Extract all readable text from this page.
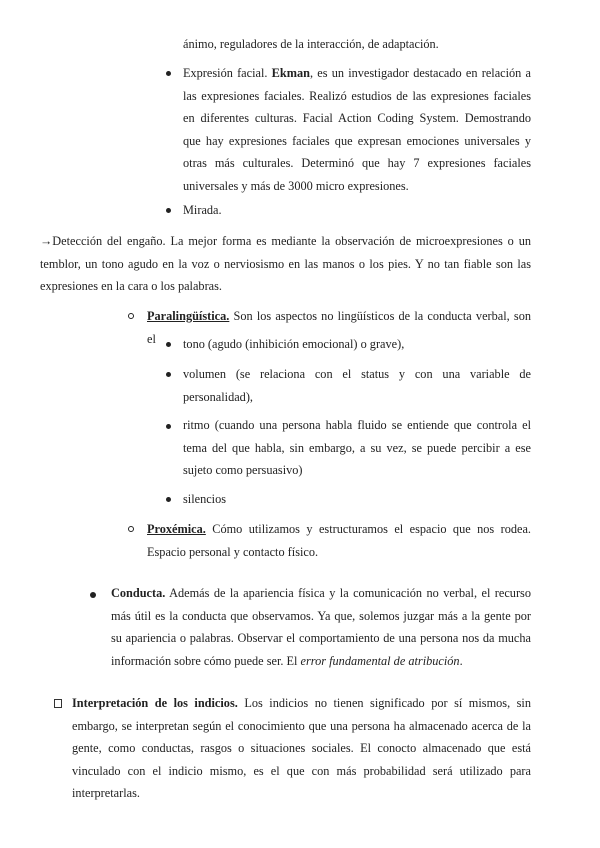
ánimo, reguladores de la interacción, de adaptación.

Expresión facial. Ekman, es un investigador destacado en relación a las expresiones faciales. Realizó estudios de las expresiones faciales en diferentes culturas. Facial Action Coding System. Demostrando que hay expresiones faciales que expresan emociones universales y otras más culturales. Determinó que hay 7 expresiones faciales universales y más de 3000 micro expresiones.

Mirada.

→Detección del engaño. La mejor forma es mediante la observación de microexpresiones o un temblor, un tono agudo en la voz o nerviosismo en las manos o los pies. Y no tan fiable son las expresiones en la cara o los palabras.

Paralingüística. Son los aspectos no lingüísticos de la conducta verbal, son el	tono (agudo (inhibición emocional) o grave),

volumen (se relaciona con el status y con una variable de personalidad),

ritmo (cuando una persona habla fluido se entiende que controla el tema del que habla, sin embargo, a su vez, se puede percibir a ese sujeto como persuasivo)

silencios

Proxémica. Cómo utilizamos y estructuramos el espacio que nos rodea. Espacio personal y contacto físico.

Conducta. Además de la apariencia física y la comunicación no verbal, el recurso más útil es la conducta que observamos. Ya que, solemos juzgar más a la gente por su apariencia o palabras. Observar el comportamiento de una persona nos da mucha información sobre cómo puede ser. El error fundamental de atribución.

Interpretación de los indicios. Los indicios no tienen significado por sí mismos, sin embargo, se interpretan según el conocimiento que una persona ha almacenado acerca de la gente, como conductas, rasgos o situaciones sociales. El conocto almacenado que está vinculado con el indicio mismo, es el que con más probabilidad será utilizado para interpretarlas.
